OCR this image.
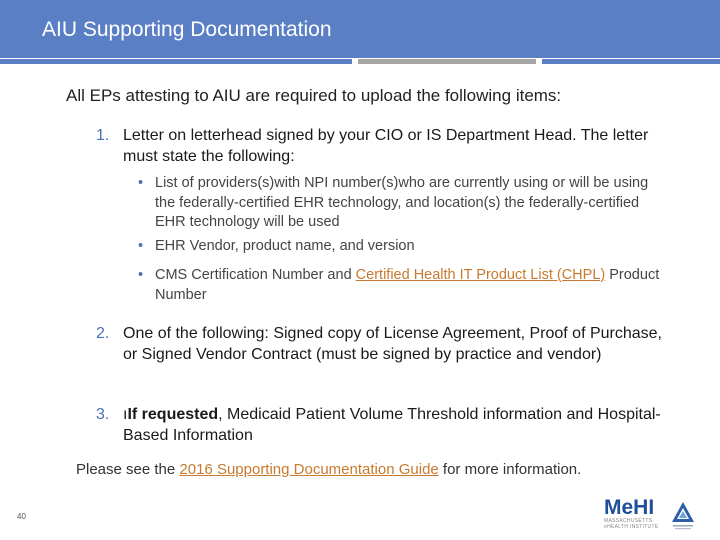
AIU Supporting Documentation
All EPs attesting to AIU are required to upload the following items:
1. Letter on letterhead signed by your CIO or IS Department Head. The letter must state the following:
• List of providers(s)with NPI number(s)who are currently using or will be using the federally-certified EHR technology, and location(s) the federally-certified EHR technology will be used
• EHR Vendor, product name, and version
• CMS Certification Number and Certified Health IT Product List (CHPL) Product Number
2. One of the following: Signed copy of License Agreement, Proof of Purchase, or Signed Vendor Contract (must be signed by practice and vendor)
3. ıIf requested, Medicaid Patient Volume Threshold information and Hospital-Based Information
Please see the 2016 Supporting Documentation Guide for more information.
40	MeHI
MASSACHUSETTS
eHEALTH INSTITUTE
